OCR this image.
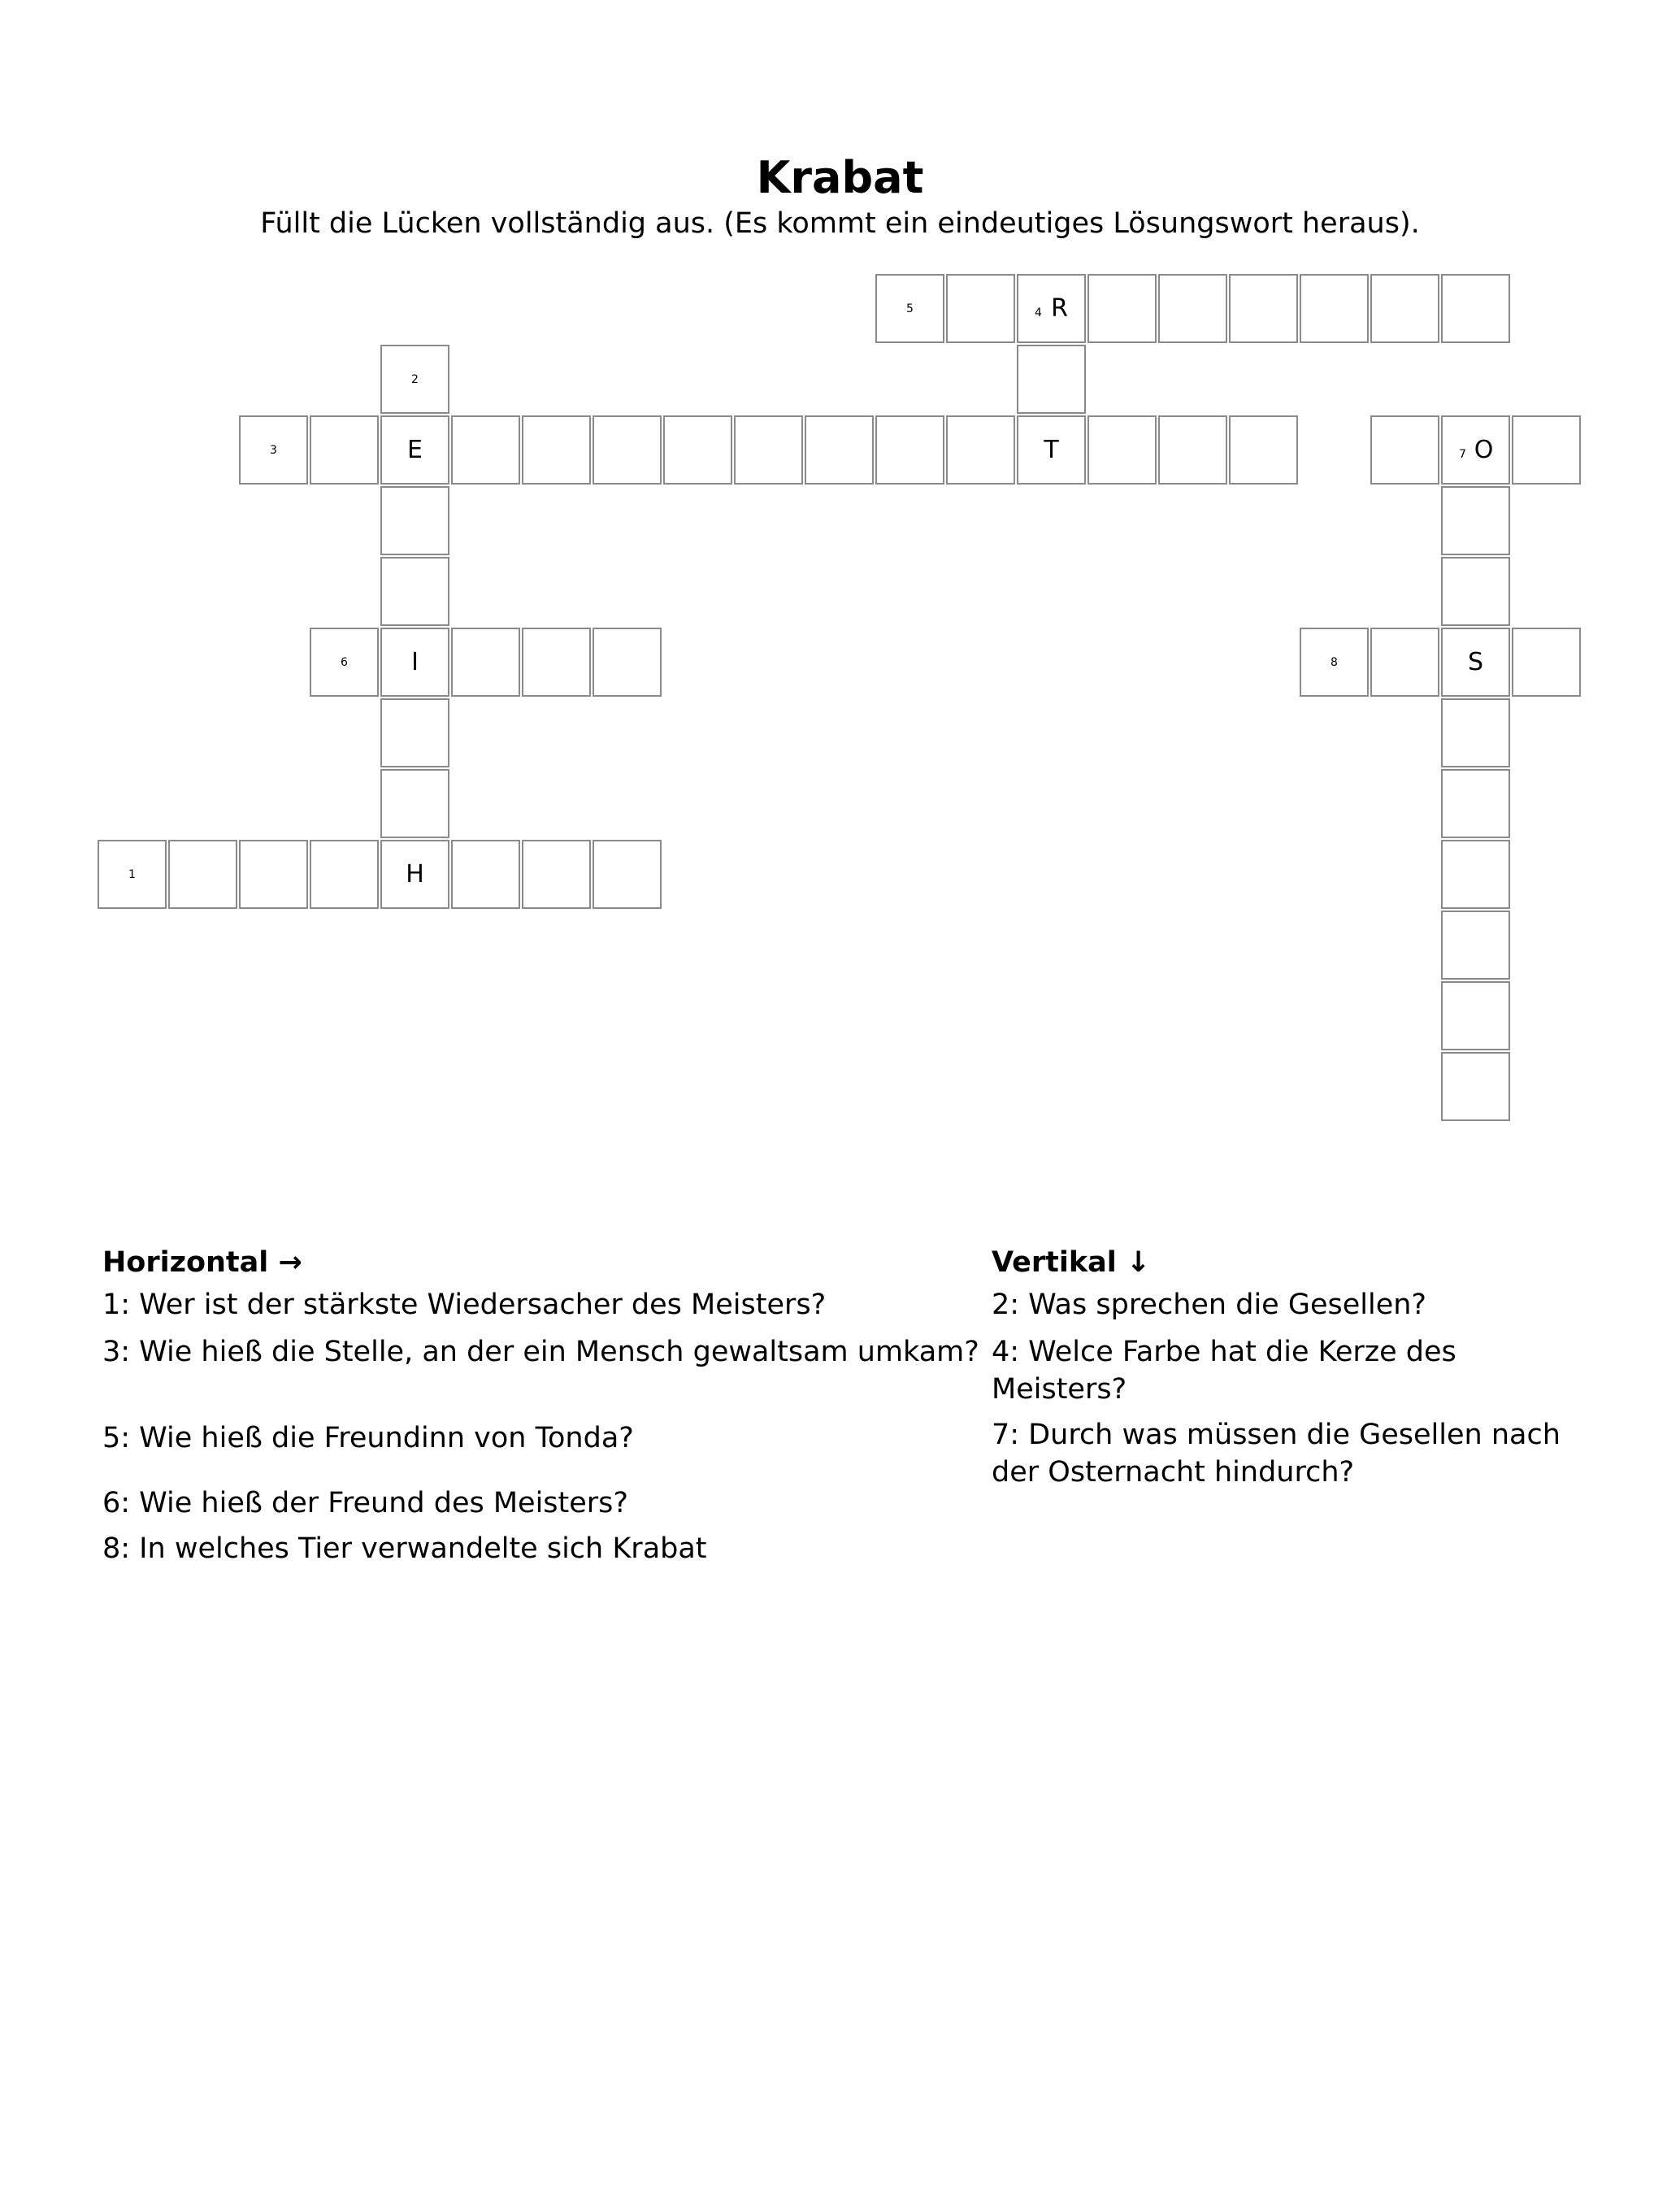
Krabat
Füllt die Lücken vollständig aus. (Es kommt ein eindeutiges Lösungswort heraus).
5	4 R
2
3	E	T	7 O
6	I	8	S
1	H

Horizontal →

1: Wer ist der stärkste Wiedersacher des Meisters?

3: Wie hieß die Stelle, an der ein Mensch gewaltsam umkam?

5: Wie hieß die Freundinn von Tonda?

6: Wie hieß der Freund des Meisters?

8: In welches Tier verwandelte sich Krabat

Vertikal ↓

2: Was sprechen die Gesellen?

4: Welce Farbe hat die Kerze des Meisters?

7: Durch was müssen die Gesellen nach der Osternacht hindurch?
